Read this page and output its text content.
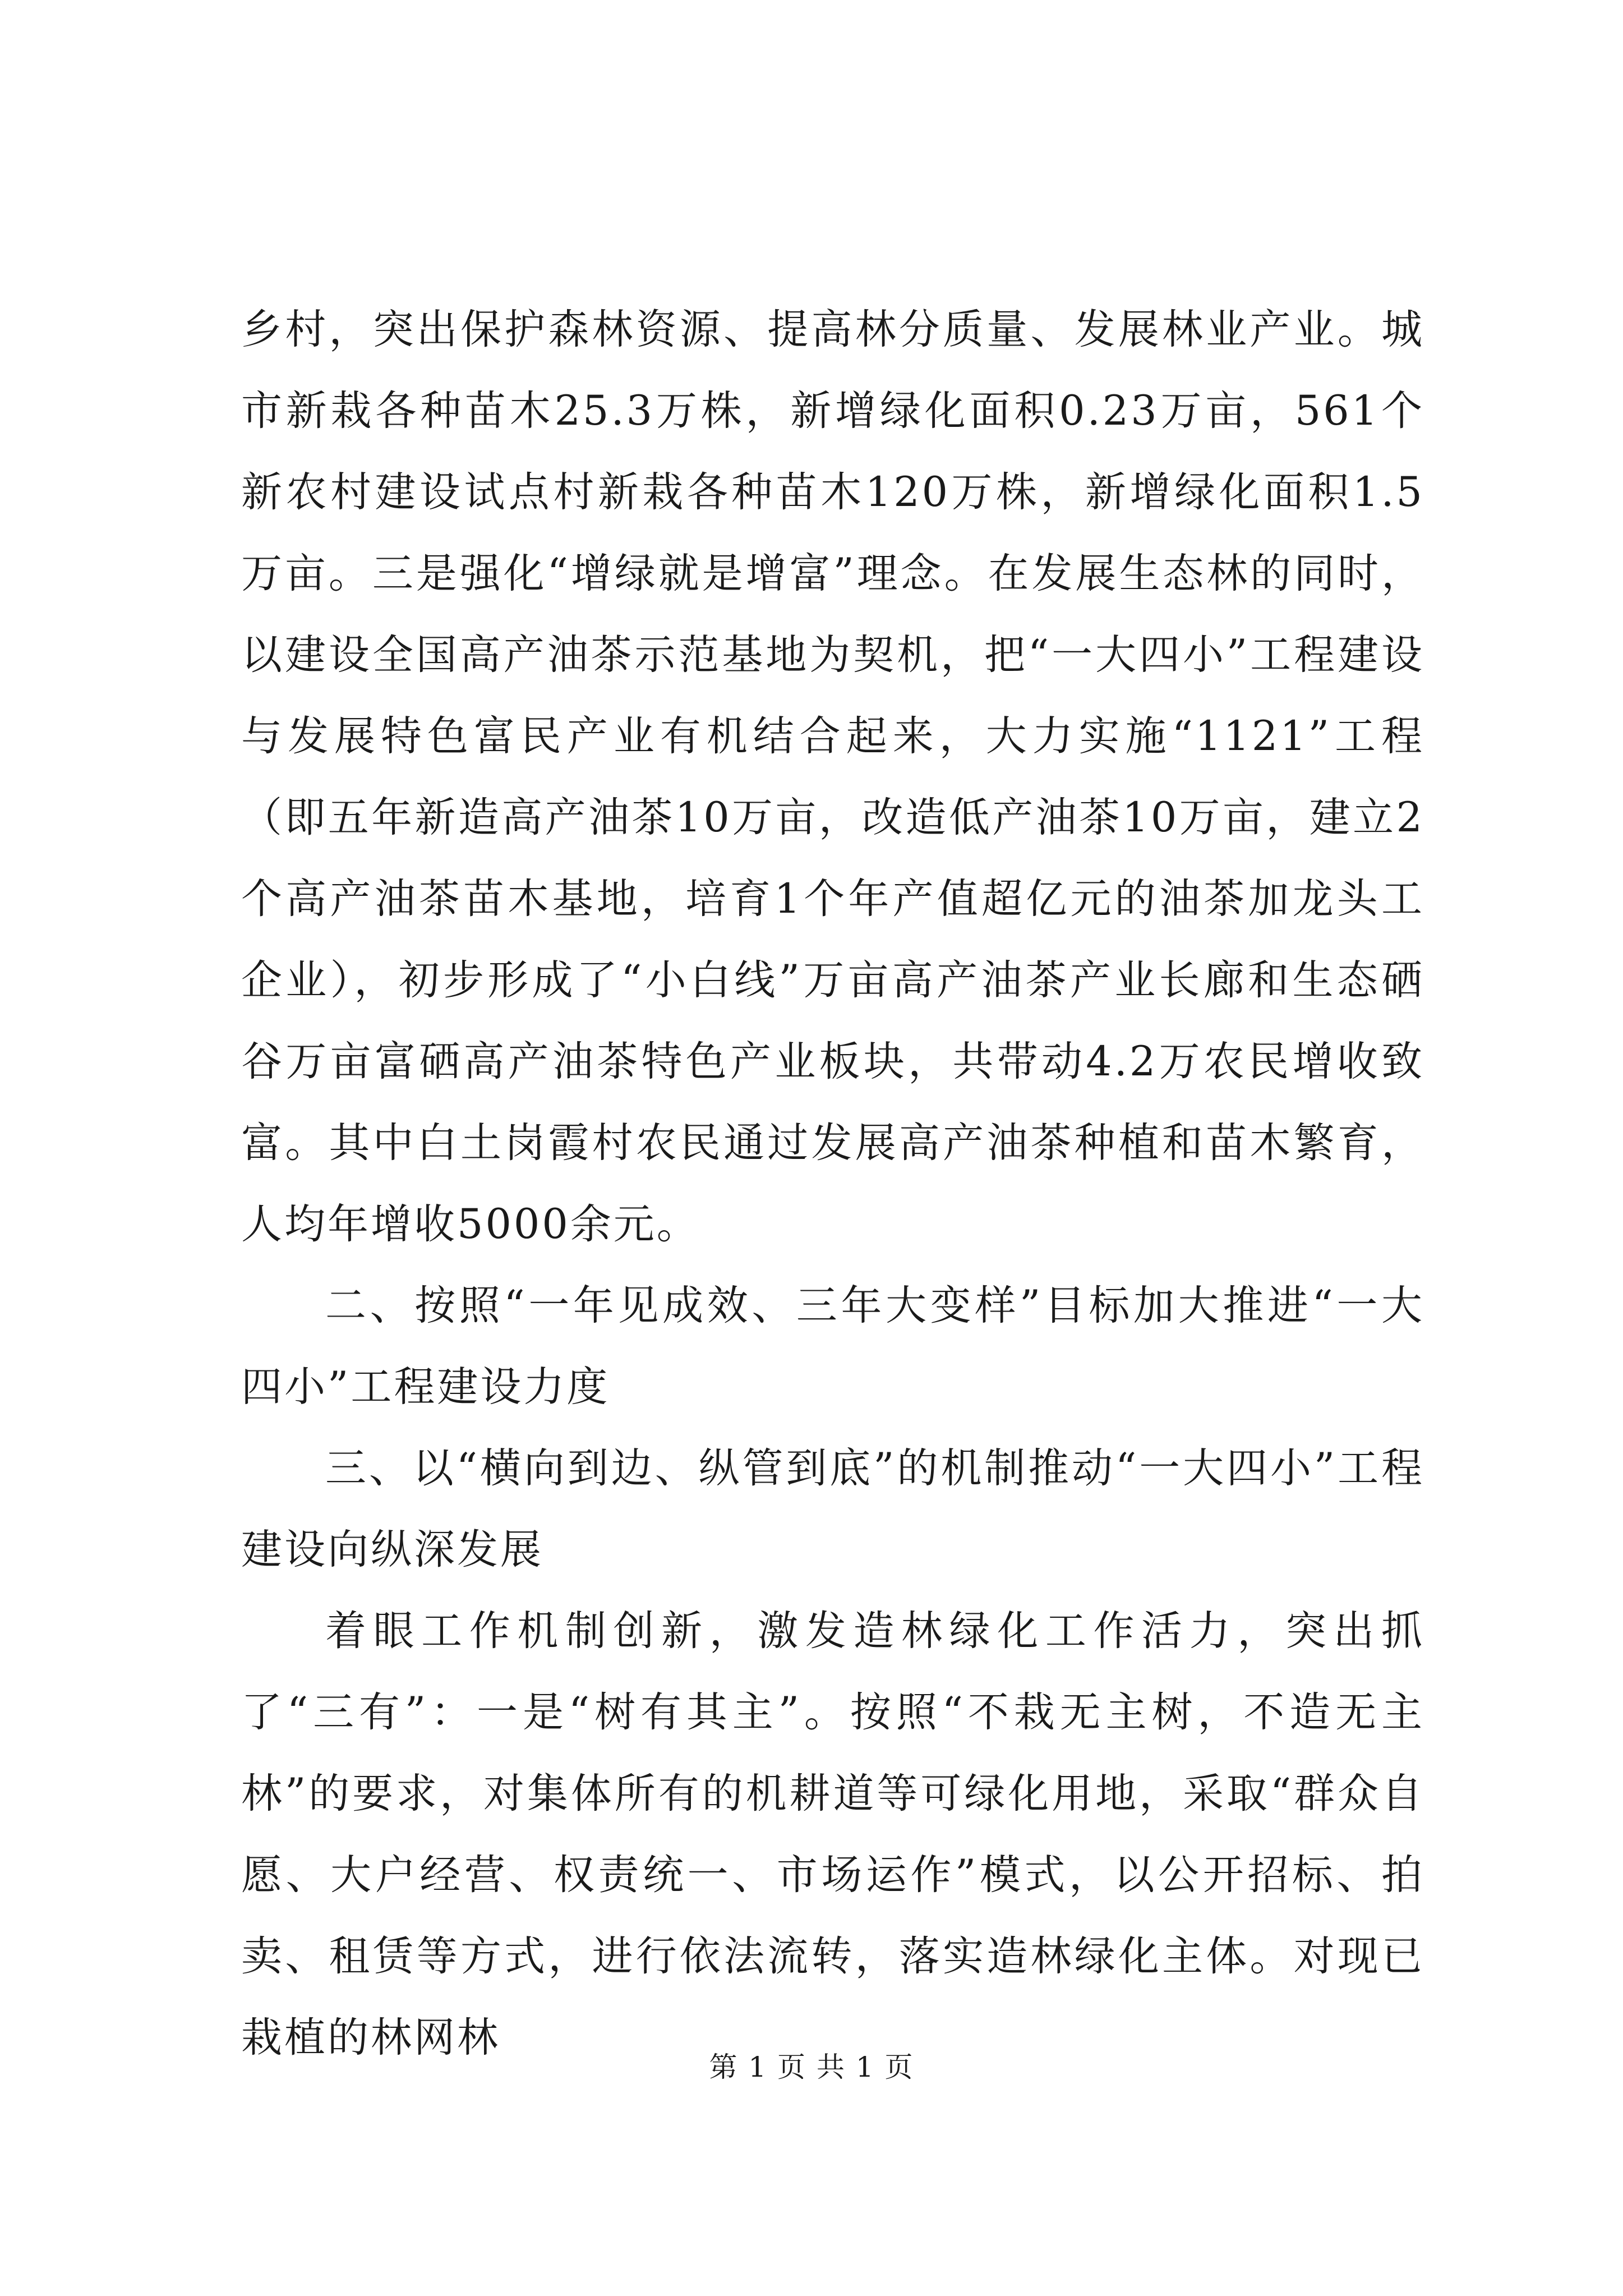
乡村，突出保护森林资源、提高林分质量、发展林业产业。城市新栽各种苗木25.3万株，新增绿化面积0.23万亩，561个新农村建设试点村新栽各种苗木120万株，新增绿化面积1.5万亩。三是强化“增绿就是增富”理念。在发展生态林的同时，以建设全国高产油茶示范基地为契机，把“一大四小”工程建设与发展特色富民产业有机结合起来，大力实施“1121”工程（即五年新造高产油茶10万亩，改造低产油茶10万亩，建立2个高产油茶苗木基地，培育1个年产值超亿元的油茶加龙头工企业），初步形成了“小白线”万亩高产油茶产业长廊和生态硒谷万亩富硒高产油茶特色产业板块，共带动4.2万农民增收致富。其中白土岗霞村农民通过发展高产油茶种植和苗木繁育，人均年增收5000余元。

二、按照“一年见成效、三年大变样”目标加大推进“一大四小”工程建设力度

三、以“横向到边、纵管到底”的机制推动“一大四小”工程建设向纵深发展

着眼工作机制创新，激发造林绿化工作活力，突出抓了“三有”：一是“树有其主”。按照“不栽无主树，不造无主林”的要求，对集体所有的机耕道等可绿化用地，采取“群众自愿、大户经营、权责统一、市场运作”模式，以公开招标、拍卖、租赁等方式，进行依法流转，落实造林绿化主体。对现已栽植的林网林

第 1 页 共 1 页
